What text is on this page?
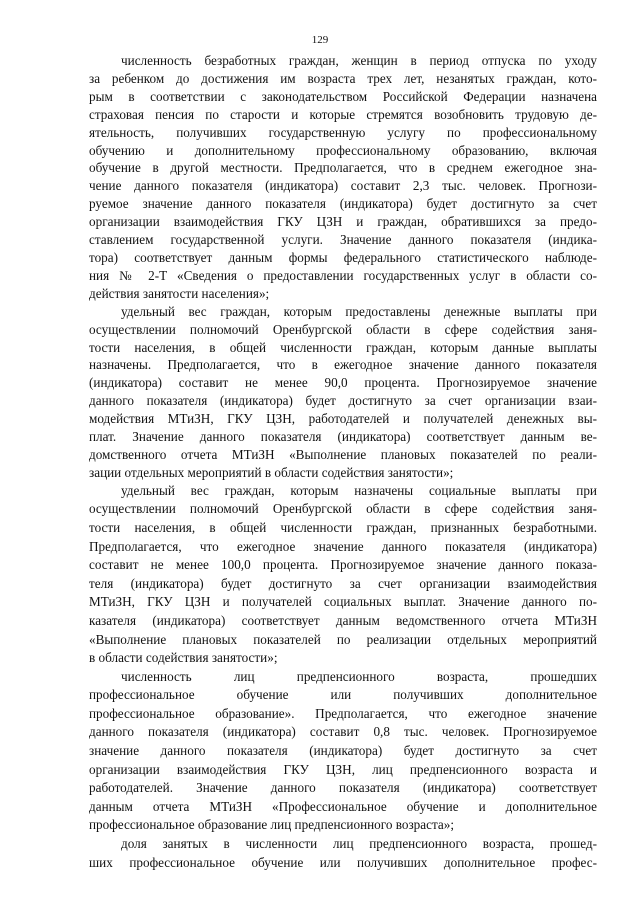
129
численность безработных граждан, женщин в период отпуска по уходу
за ребенком до достижения им возраста трех лет, незанятых граждан, кото-
рым в соответствии с законодательством Российской Федерации назначена
страховая пенсия по старости и которые стремятся возобновить трудовую де-
ятельность, получивших государственную услугу по профессиональному
обучению и дополнительному профессиональному образованию, включая
обучение в другой местности. Предполагается, что в среднем ежегодное зна-
чение данного показателя (индикатора) составит 2,3 тыс. человек. Прогнози-
руемое значение данного показателя (индикатора) будет достигнуто за счет
организации взаимодействия ГКУ ЦЗН и граждан, обратившихся за предо-
ставлением государственной услуги. Значение данного показателя (индика-
тора) соответствует данным формы федерального статистического наблюде-
ния № 2-Т «Сведения о предоставлении государственных услуг в области со-
действия занятости населения»;
удельный вес граждан, которым предоставлены денежные выплаты при
осуществлении полномочий Оренбургской области в сфере содействия заня-
тости населения, в общей численности граждан, которым данные выплаты
назначены. Предполагается, что в ежегодное значение данного показателя
(индикатора) составит не менее 90,0 процента. Прогнозируемое значение
данного показателя (индикатора) будет достигнуто за счет организации взаи-
модействия МТиЗН, ГКУ ЦЗН, работодателей и получателей денежных вы-
плат. Значение данного показателя (индикатора) соответствует данным ве-
домственного отчета МТиЗН «Выполнение плановых показателей по реали-
зации отдельных мероприятий в области содействия занятости»;
удельный вес граждан, которым назначены социальные выплаты при
осуществлении полномочий Оренбургской области в сфере содействия заня-
тости населения, в общей численности граждан, признанных безработными.
Предполагается, что ежегодное значение данного показателя (индикатора)
составит не менее 100,0 процента. Прогнозируемое значение данного показа-
теля (индикатора) будет достигнуто за счет организации взаимодействия
МТиЗН, ГКУ ЦЗН и получателей социальных выплат. Значение данного по-
казателя (индикатора) соответствует данным ведомственного отчета МТиЗН
«Выполнение плановых показателей по реализации отдельных мероприятий
в области содействия занятости»;
численность лиц предпенсионного возраста, прошедших
профессиональное обучение или получивших дополнительное
профессиональное образование». Предполагается, что ежегодное значение
данного показателя (индикатора) составит 0,8 тыс. человек. Прогнозируемое
значение данного показателя (индикатора) будет достигнуто за счет
организации взаимодействия ГКУ ЦЗН, лиц предпенсионного возраста и
работодателей. Значение данного показателя (индикатора) соответствует
данным отчета МТиЗН «Профессиональное обучение и дополнительное
профессиональное образование лиц предпенсионного возраста»;
доля занятых в численности лиц предпенсионного возраста, прошед-
ших профессиональное обучение или получивших дополнительное профес-
